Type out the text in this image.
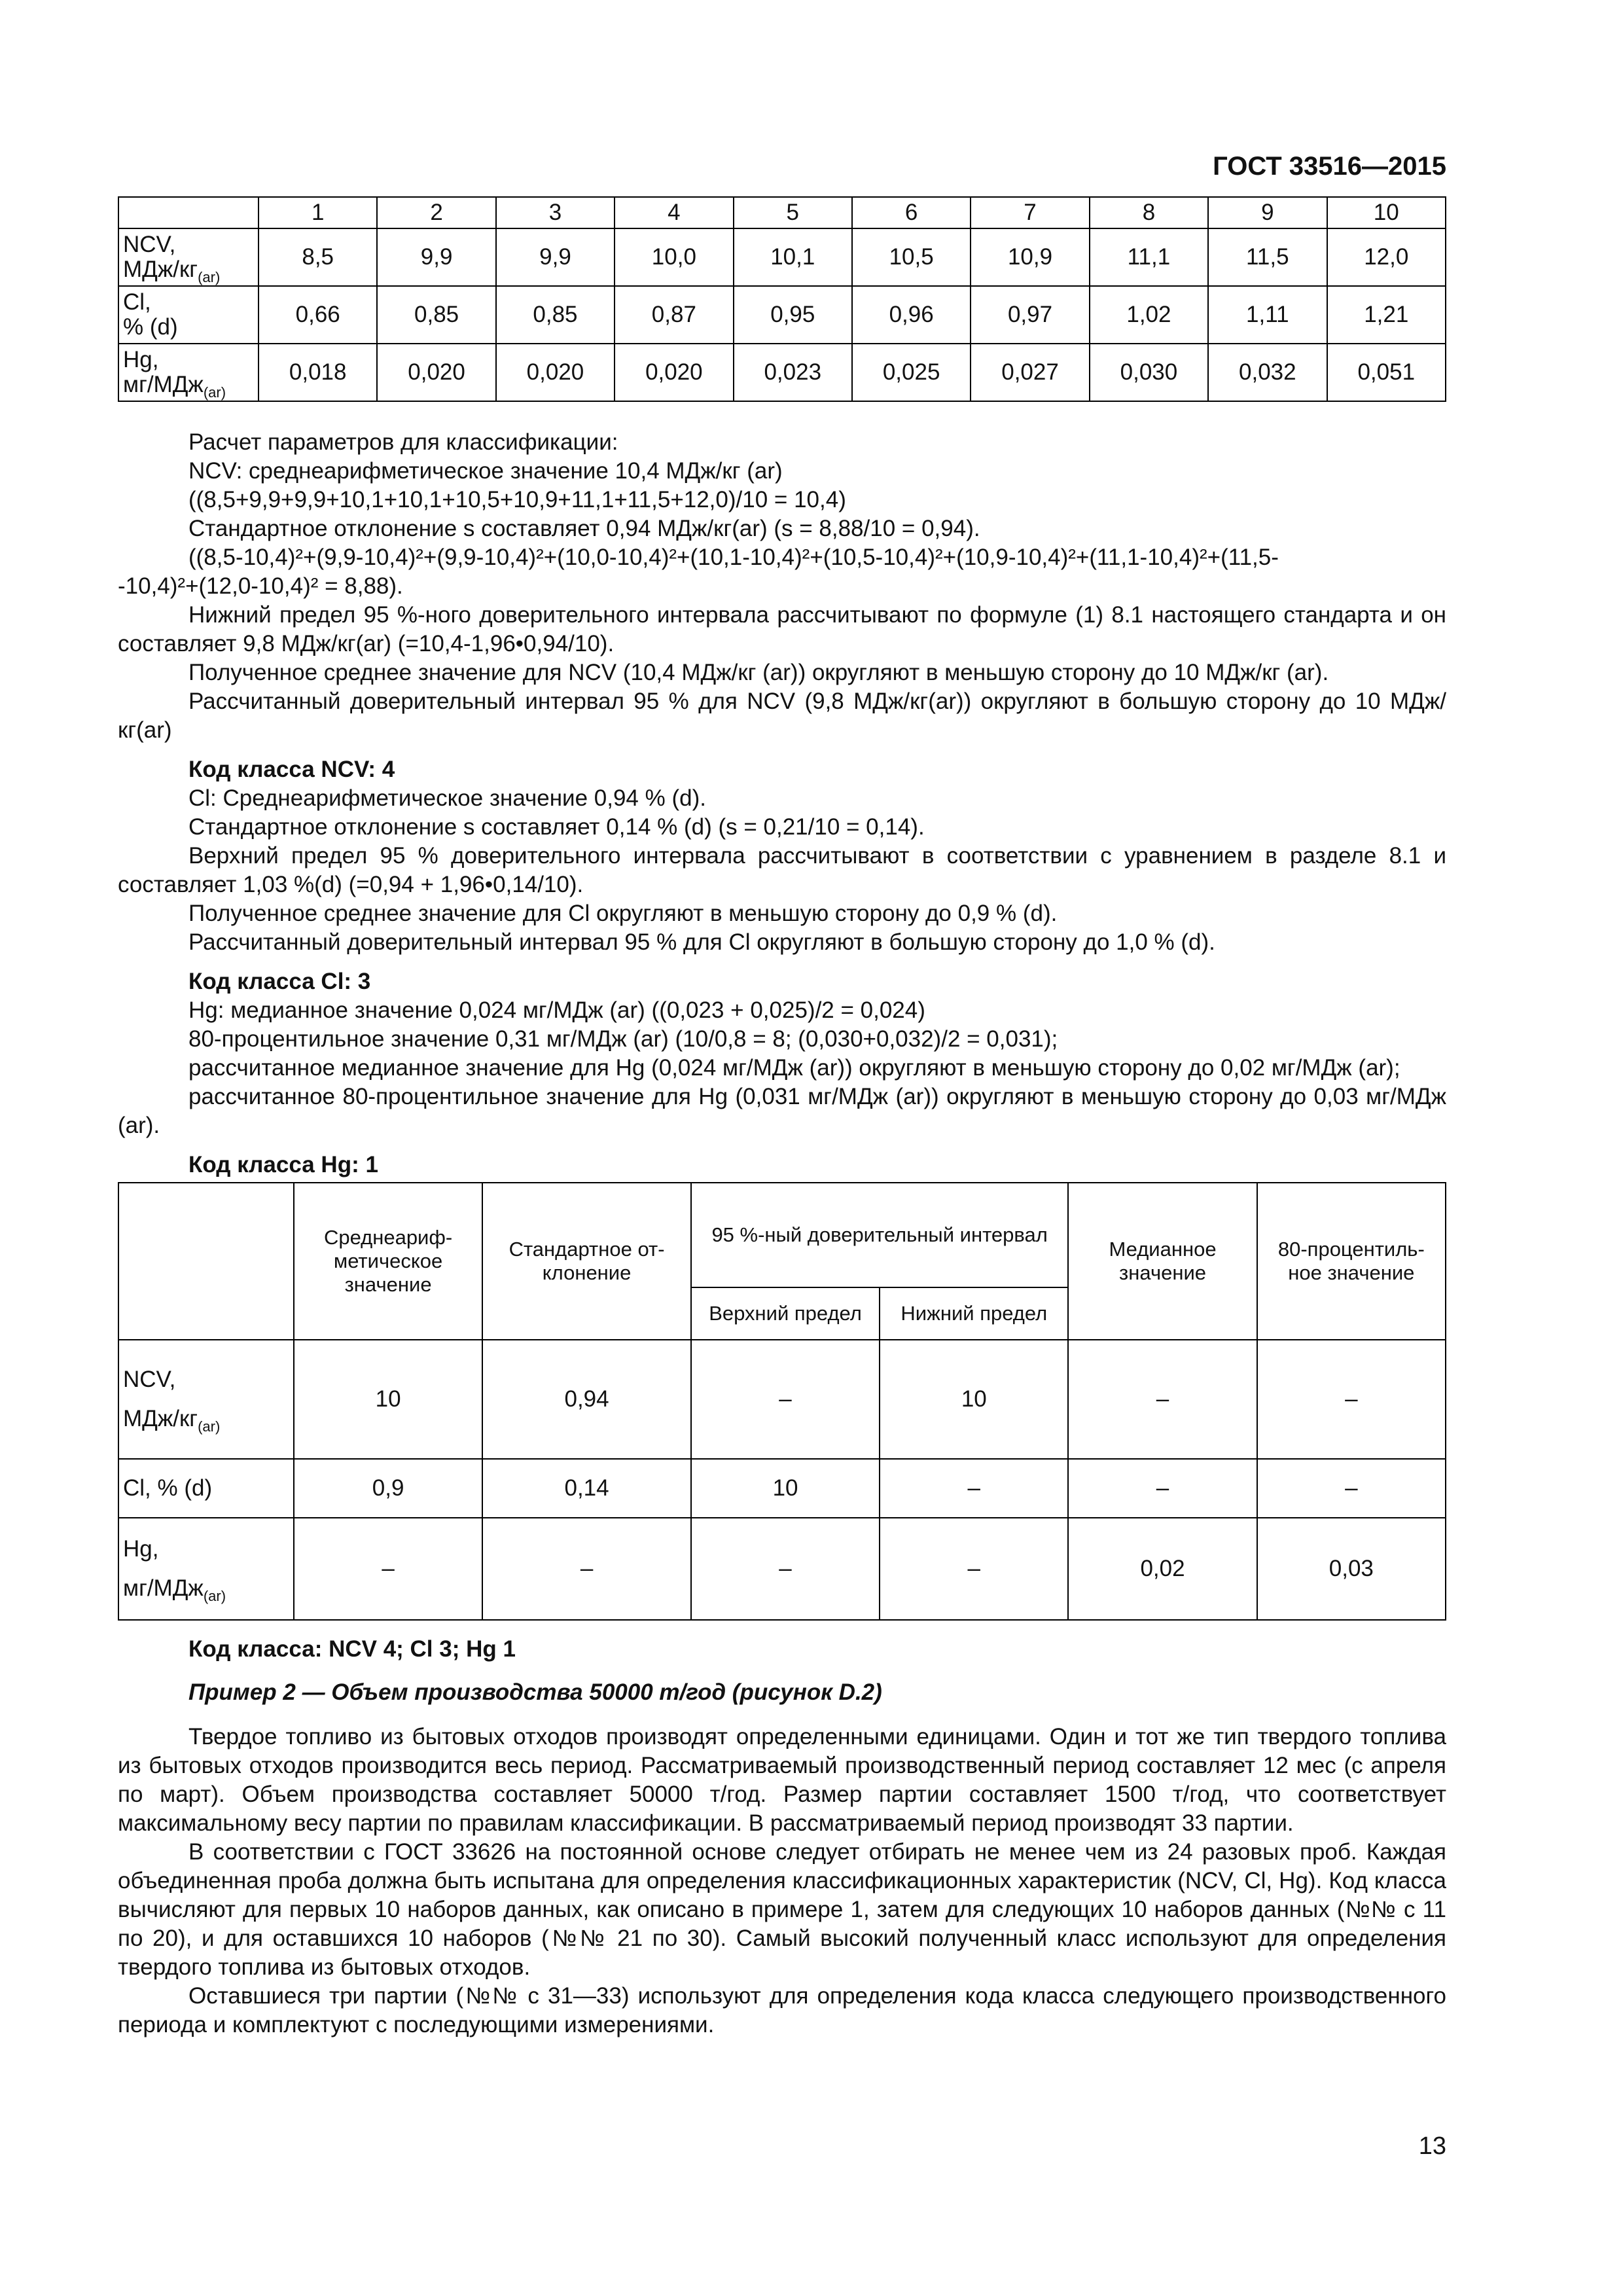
ГОСТ 33516—2015
	1	2	3	4	5	6	7	8	9	10
NCV,
МДж/$кг_{(ar)}$	8,5	9,9	9,9	10,0	10,1	10,5	10,9	11,1	11,5	12,0
Cl,
% (d)	0,66	0,85	0,85	0,87	0,95	0,96	0,97	1,02	1,11	1,21
Hg,
мг/МДж$_{(ar)}$	0,018	0,020	0,020	0,020	0,023	0,025	0,027	0,030	0,032	0,051
Расчет параметров для классификации:
NCV: среднеарифметическое значение 10,4 МДж/кг (ar)
((8,5+9,9+9,9+10,1+10,1+10,5+10,9+11,1+11,5+12,0)/10 = 10,4)
Стандартное отклонение s составляет 0,94 МДж/кг(ar) (s = 8,88/10 = 0,94).
((8,5-10,4)²+(9,9-10,4)²+(9,9-10,4)²+(10,0-10,4)²+(10,1-10,4)²+(10,5-10,4)²+(10,9-10,4)²+(11,1-10,4)²+(11,5-
-10,4)²+(12,0-10,4)² = 8,88).
Нижний предел 95 %-ного доверительного интервала рассчитывают по формуле (1) 8.1 настоящего стандарта и он составляет 9,8 МДж/кг(ar) (=10,4-1,96•0,94/10).
Полученное среднее значение для NCV (10,4 МДж/кг (ar)) округляют в меньшую сторону до 10 МДж/кг (ar).
Рассчитанный доверительный интервал 95 % для NCV (9,8 МДж/кг(ar)) округляют в большую сторону до 10 МДж/кг(ar)
Код класса NCV: 4
Cl: Среднеарифметическое значение 0,94 % (d).
Стандартное отклонение s составляет 0,14 % (d) (s = 0,21/10 = 0,14).
Верхний предел 95 % доверительного интервала рассчитывают в соответствии с уравнением в разделе 8.1 и составляет 1,03 %(d) (=0,94 + 1,96•0,14/10).
Полученное среднее значение для Cl округляют в меньшую сторону до 0,9 % (d).
Рассчитанный доверительный интервал 95 % для Cl округляют в большую сторону до 1,0 % (d).
Код класса Cl: 3
Hg: медианное значение 0,024 мг/МДж (ar) ((0,023 + 0,025)/2 = 0,024)
80-процентильное значение 0,31 мг/МДж (ar) (10/0,8 = 8; (0,030+0,032)/2 = 0,031);
рассчитанное медианное значение для Hg (0,024 мг/МДж (ar)) округляют в меньшую сторону до 0,02 мг/МДж (ar);
рассчитанное 80-процентильное значение для Hg (0,031 мг/МДж (ar)) округляют в меньшую сторону до 0,03 мг/МДж (ar).
Код класса Hg: 1
	Среднеариф-метическое значение	Стандартное от-клонение	95 %-ный доверительный интервал		Медианное значение	80-процентиль-ное значение
			Верхний предел	Нижний предел		
NCV,
МДж/$кг_{(ar)}$	10	0,94	–	10	–	–
Cl, % (d)	0,9	0,14	10	–	–	–
Hg,
мг/МДж$_{(ar)}$	–	–	–	–	0,02	0,03
Код класса: NCV 4; Cl 3; Hg 1
Пример 2 — Объем производства 50000 т/год (рисунок D.2)
Твердое топливо из бытовых отходов производят определенными единицами. Один и тот же тип твердого топлива из бытовых отходов производится весь период. Рассматриваемый производственный период составляет 12 мес (с апреля по март). Объем производства составляет 50000 т/год. Размер партии составляет 1500 т/год, что соответствует максимальному весу партии по правилам классификации. В рассматриваемый период производят 33 партии.
В соответствии с ГОСТ 33626 на постоянной основе следует отбирать не менее чем из 24 разовых проб. Каждая объединенная проба должна быть испытана для определения классификационных характеристик (NCV, Cl, Hg). Код класса вычисляют для первых 10 наборов данных, как описано в примере 1, затем для следующих 10 наборов данных (№№ с 11 по 20), и для оставшихся 10 наборов (№№ 21 по 30). Самый высокий полученный класс используют для определения твердого топлива из бытовых отходов.
Оставшиеся три партии (№№ с 31—33) используют для определения кода класса следующего производственного периода и комплектуют с последующими измерениями.
13
